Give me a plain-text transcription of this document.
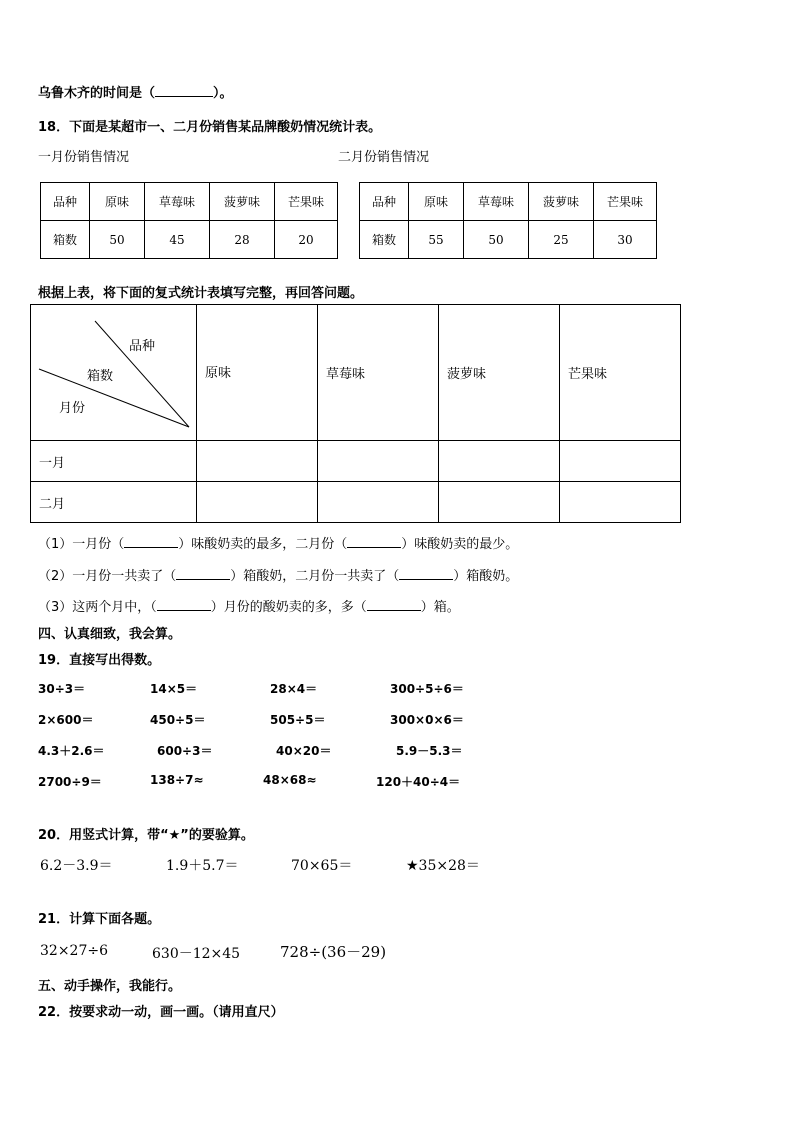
乌鲁木齐的时间是（	）。
18．下面是某超市一、二月份销售某品牌酸奶情况统计表。
一月份销售情况	二月份销售情况
品种	原味	草莓味	菠萝味	芒果味
箱数	50	45	28	20
品种	原味	草莓味	菠萝味	芒果味
箱数	55	50	25	30
根据上表，将下面的复式统计表填写完整，再回答问题。
品种
箱数
月份	原味	草莓味	菠萝味	芒果味
一月				
二月				
（1）一月份（	）味酸奶卖的最多，二月份（	）味酸奶卖的最少。
（2）一月份一共卖了（	）箱酸奶，二月份一共卖了（	）箱酸奶。
（3）这两个月中，（	）月份的酸奶卖的多，多（	）箱。
四、认真细致，我会算。
19．直接写出得数。
30÷3＝	14×5＝	28×4＝	300÷5÷6＝
2×600＝	450÷5＝	505÷5＝	300×0×6＝
4.3＋2.6＝	600÷3＝	40×20＝	5.9－5.3＝
2700÷9＝	138÷7≈	48×68≈	120＋40÷4＝
20．用竖式计算，带“★”的要验算。
6.2－3.9＝	1.9＋5.7＝	70×65＝	★35×28＝
21．计算下面各题。
32×27÷6	630－12×45	728÷(36－29)
五、动手操作，我能行。
22．按要求动一动，画一画。（请用直尺）
